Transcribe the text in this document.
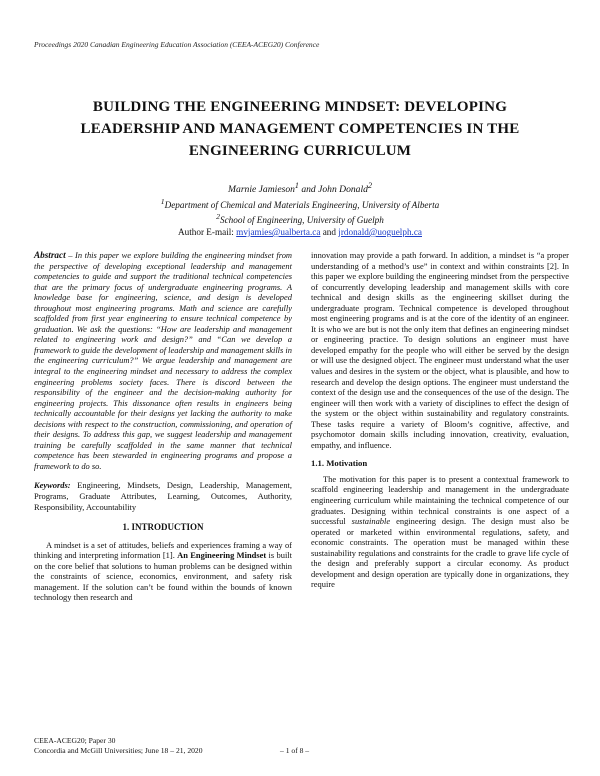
Proceedings 2020 Canadian Engineering Education Association (CEEA-ACEG20) Conference
BUILDING THE ENGINEERING MINDSET: DEVELOPING
LEADERSHIP AND MANAGEMENT COMPETENCIES IN THE
ENGINEERING CURRICULUM
Marnie Jamieson$^1$ and John Donald$^2$
$^1$Department of Chemical and Materials Engineering, University of Alberta
$^2$School of Engineering, University of Guelph
Author E-mail: mvjamies@ualberta.ca and jrdonald@uoguelph.ca

Abstract – In this paper we explore building the engineering mindset from the perspective of developing exceptional leadership and management competencies to guide and support the traditional technical competencies that are the primary focus of undergraduate engineering programs. A knowledge base for engineering, science, and design is developed throughout most engineering programs. Math and science are carefully scaffolded from first year engineering to ensure technical competence by graduation. We ask the questions: “How are leadership and management related to engineering work and design?” and “Can we develop a framework to guide the development of leadership and management skills in the engineering curriculum?” We argue leadership and management are integral to the engineering mindset and necessary to address the complex engineering problems society faces. There is discord between the responsibility of the engineer and the decision-making authority for engineering projects. This dissonance often results in engineers being technically accountable for their designs yet lacking the authority to make decisions with respect to the construction, commissioning, and operation of their designs. To address this gap, we suggest leadership and management training be carefully scaffolded in the same manner that technical competence has been stewarded in engineering programs and propose a framework to do so.

Keywords: Engineering, Mindsets, Design, Leadership, Management, Programs, Graduate Attributes, Learning, Outcomes, Authority, Responsibility, Accountability

1. INTRODUCTION

A mindset is a set of attitudes, beliefs and experiences framing a way of thinking and interpreting information [1]. An Engineering Mindset is built on the core belief that solutions to human problems can be designed within the constraints of science, economics, environment, and safety risk management. If the solution can’t be found within the bounds of known technology then research and

innovation may provide a path forward. In addition, a mindset is “a proper understanding of a method’s use” in context and within constraints [2]. In this paper we explore building the engineering mindset from the perspective of concurrently developing leadership and management skills with core technical and design skills as the engineering skillset during the undergraduate program. Technical competence is developed throughout most engineering programs and is at the core of the identity of an engineer. It is who we are but is not the only item that defines an engineering mindset or engineering practice. To design solutions an engineer must have developed empathy for the people who will either be served by the design or will use the designed object. The engineer must understand what the user values and desires in the system or the object, what is plausible, and how to research and develop the design options. The engineer must understand the context of the design use and the consequences of the use of the design. The engineer will then work with a variety of disciplines to effect the design of the system or the object within sustainability and regulatory constraints. These tasks require a variety of Bloom’s cognitive, affective, and psychomotor domain skills including innovation, creativity, evaluation, empathy, and influence.

1.1. Motivation

The motivation for this paper is to present a contextual framework to scaffold engineering leadership and management in the undergraduate engineering curriculum while maintaining the technical competence of our graduates. Designing within technical constraints is one aspect of a successful sustainable engineering design. The design must also be operated or marketed within environmental regulations, safety, and economic constraints. The operation must be managed within these sustainability regulations and constraints for the cradle to grave life cycle of the design and preferably support a circular economy. As product development and design operation are typically done in organizations, they require

CEEA-ACEG20; Paper 30
Concordia and McGill Universities; June 18 – 21, 2020	– 1 of 8 –
